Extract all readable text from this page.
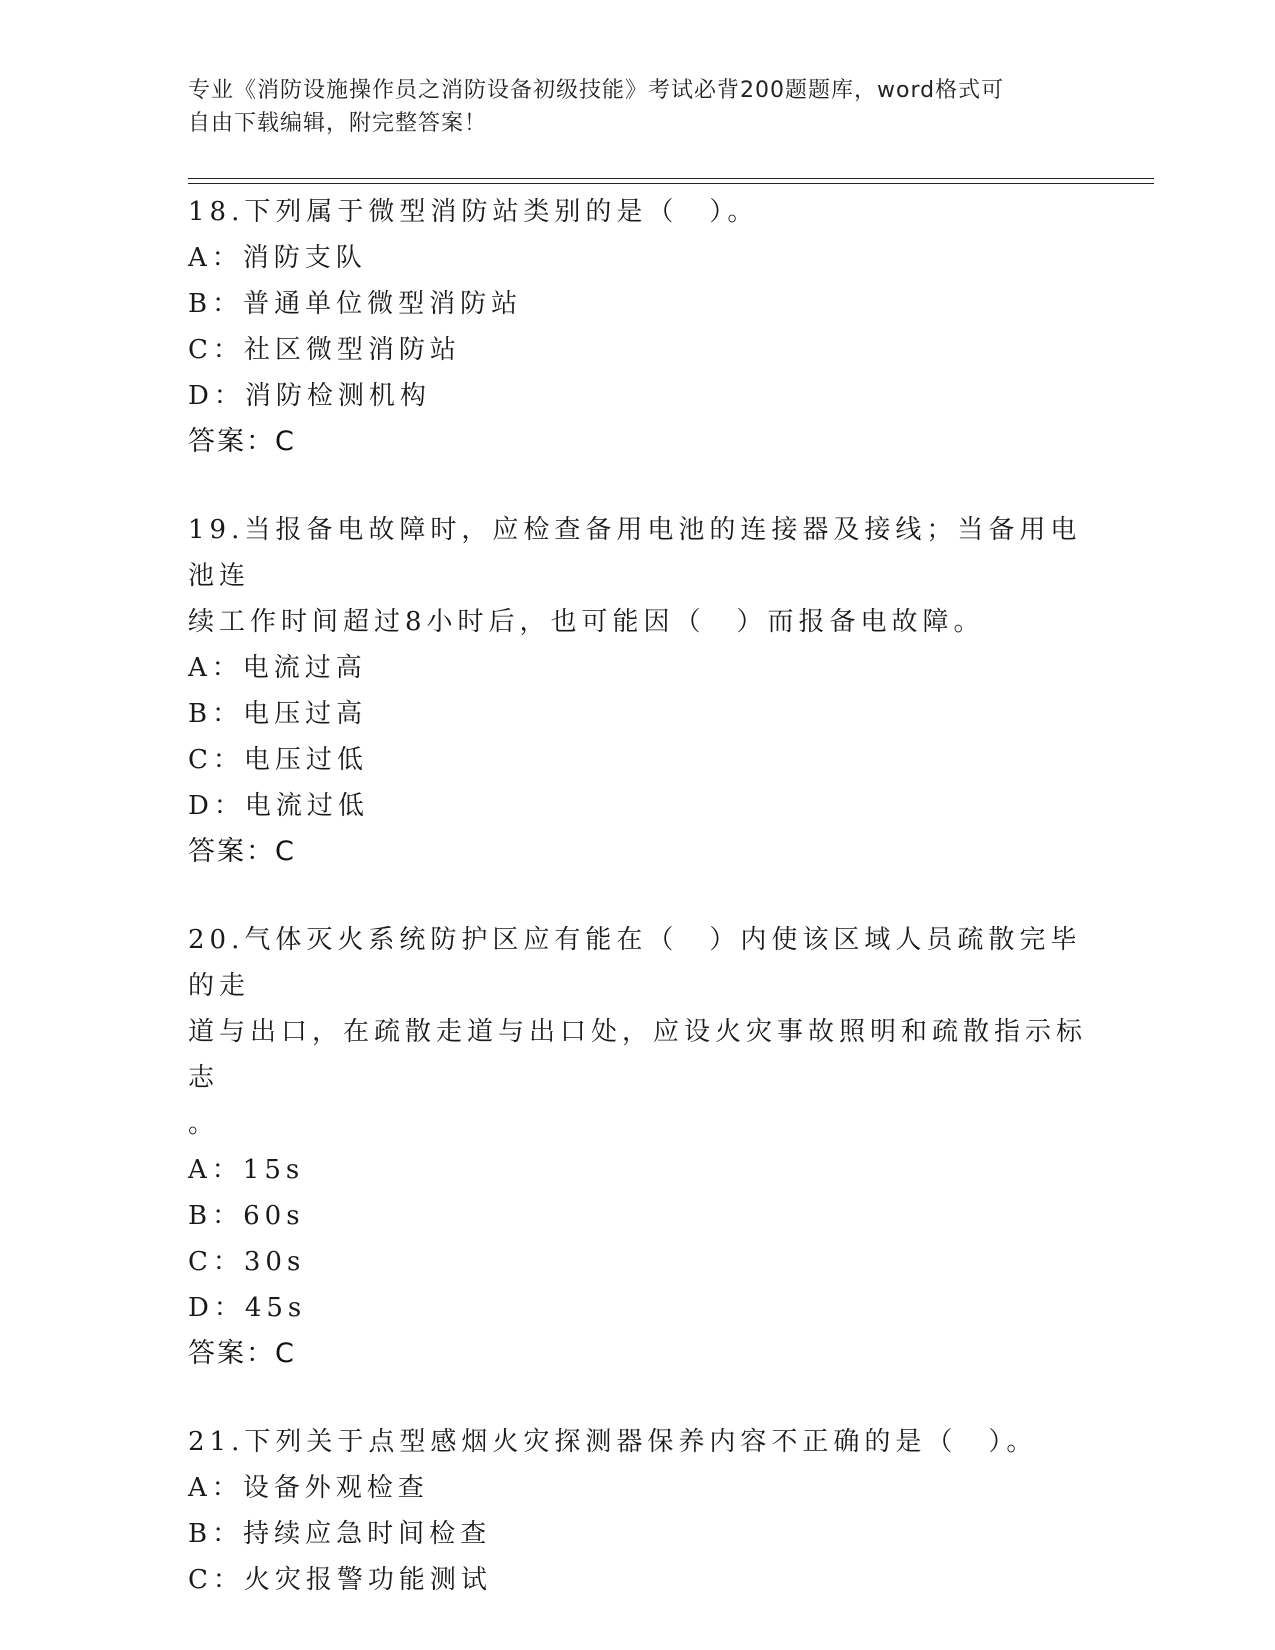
专业《消防设施操作员之消防设备初级技能》考试必背200题题库，word格式可
自由下载编辑，附完整答案！
18.下列属于微型消防站类别的是（　）。
A：消防支队
B：普通单位微型消防站
C：社区微型消防站
D：消防检测机构
答案：C
19.当报备电故障时，应检查备用电池的连接器及接线；当备用电池连
续工作时间超过8小时后，也可能因（　）而报备电故障。
A：电流过高
B：电压过高
C：电压过低
D：电流过低
答案：C
20.气体灭火系统防护区应有能在（　）内使该区域人员疏散完毕的走
道与出口，在疏散走道与出口处，应设火灾事故照明和疏散指示标志
。
A：15s
B：60s
C：30s
D：45s
答案：C
21.下列关于点型感烟火灾探测器保养内容不正确的是（　）。
A：设备外观检查
B：持续应急时间检查
C：火灾报警功能测试
